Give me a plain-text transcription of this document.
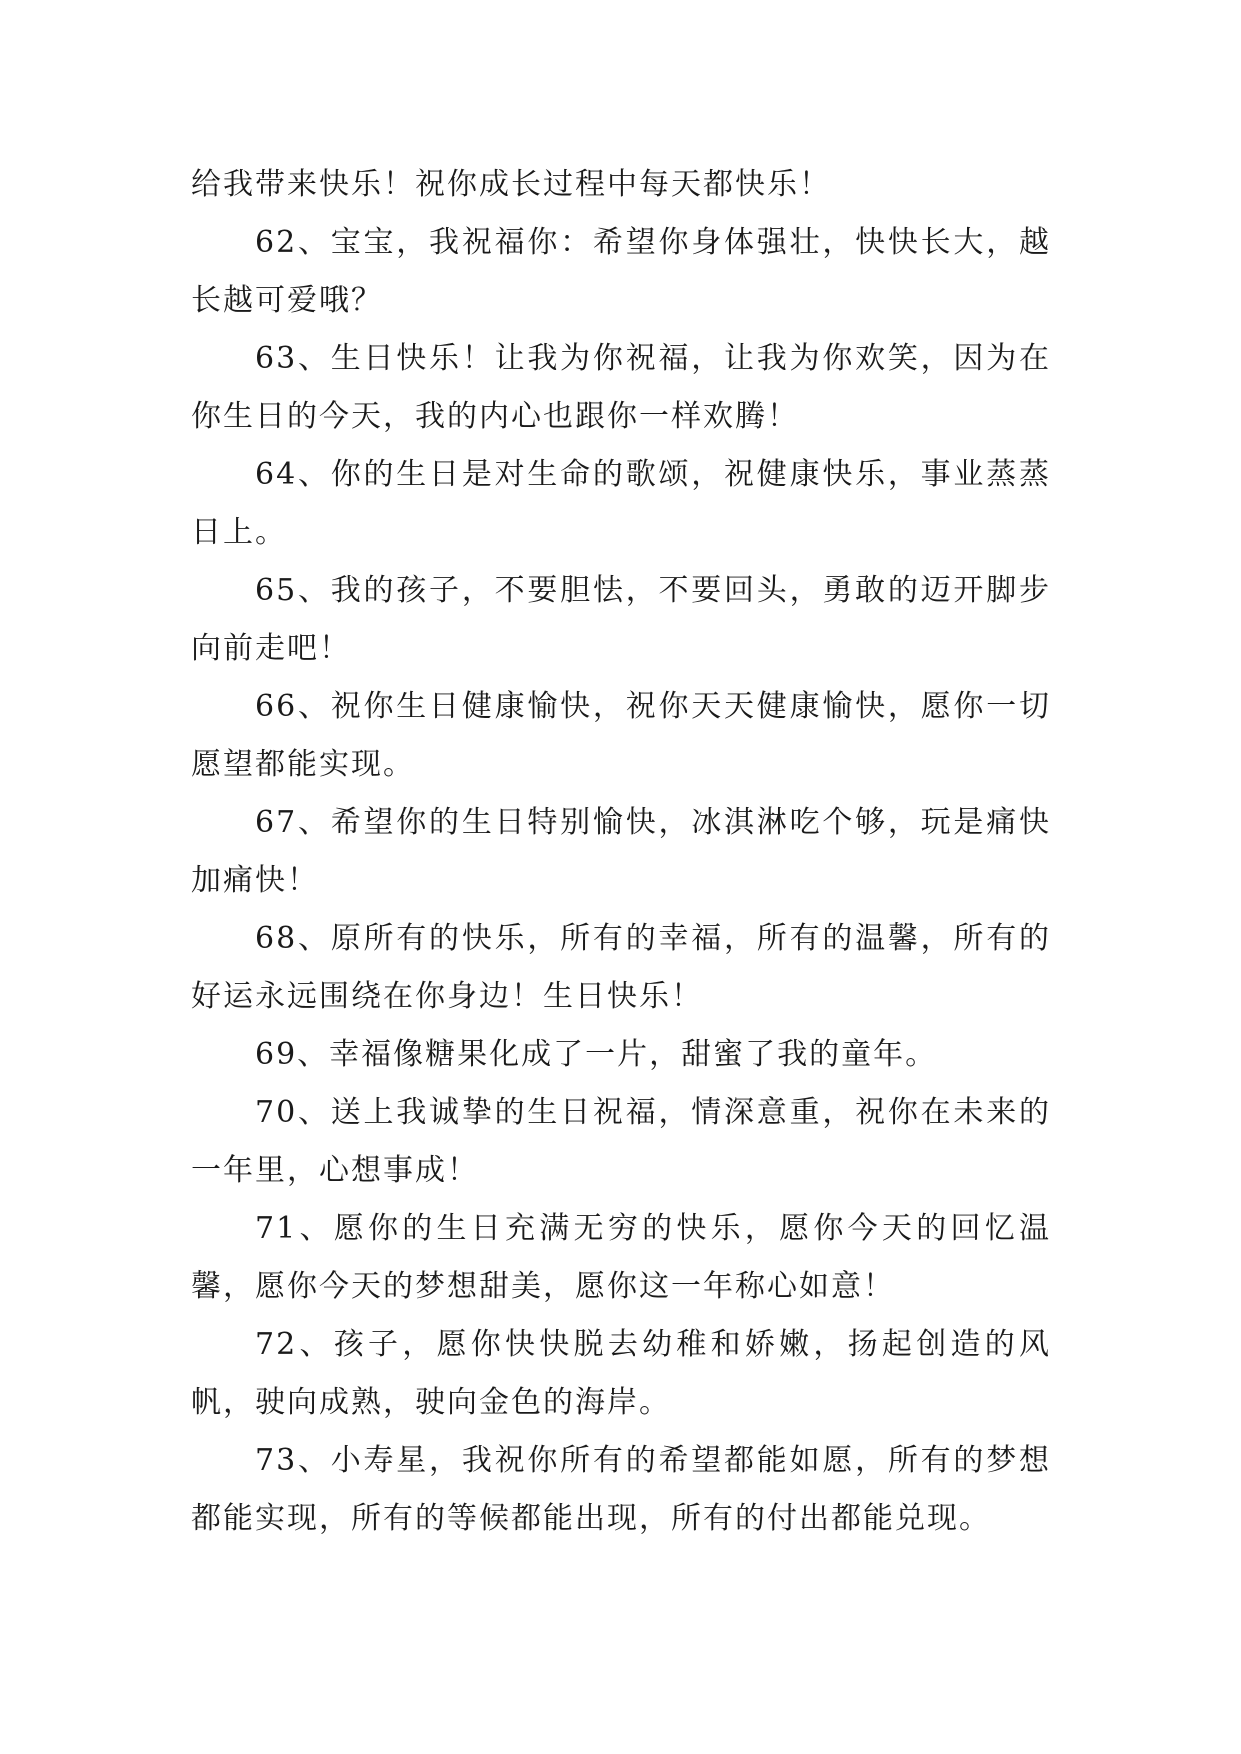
给我带来快乐！祝你成长过程中每天都快乐！

62、宝宝，我祝福你：希望你身体强壮，快快长大，越长越可爱哦？

63、生日快乐！让我为你祝福，让我为你欢笑，因为在你生日的今天，我的内心也跟你一样欢腾！

64、你的生日是对生命的歌颂，祝健康快乐，事业蒸蒸日上。

65、我的孩子，不要胆怯，不要回头，勇敢的迈开脚步向前走吧！

66、祝你生日健康愉快，祝你天天健康愉快，愿你一切愿望都能实现。

67、希望你的生日特别愉快，冰淇淋吃个够，玩是痛快加痛快！

68、原所有的快乐，所有的幸福，所有的温馨，所有的好运永远围绕在你身边！生日快乐！

69、幸福像糖果化成了一片，甜蜜了我的童年。

70、送上我诚挚的生日祝福，情深意重，祝你在未来的一年里，心想事成！

71、愿你的生日充满无穷的快乐，愿你今天的回忆温馨，愿你今天的梦想甜美，愿你这一年称心如意！

72、孩子，愿你快快脱去幼稚和娇嫩，扬起创造的风帆，驶向成熟，驶向金色的海岸。

73、小寿星，我祝你所有的希望都能如愿，所有的梦想都能实现，所有的等候都能出现，所有的付出都能兑现。
